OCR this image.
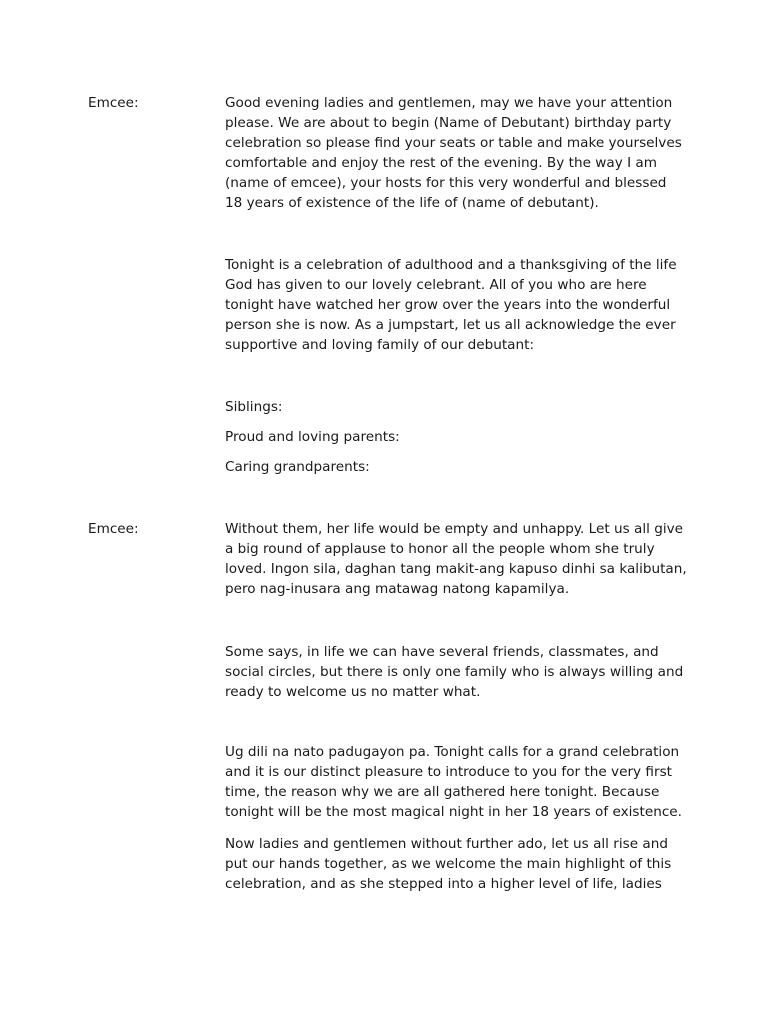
Emcee:	Good evening ladies and gentlemen, may we have your attention
please. We are about to begin (Name of Debutant) birthday party
celebration so please find your seats or table and make yourselves
comfortable and enjoy the rest of the evening. By the way I am
(name of emcee), your hosts for this very wonderful and blessed
18 years of existence of the life of (name of debutant).
Tonight is a celebration of adulthood and a thanksgiving of the life
God has given to our lovely celebrant. All of you who are here
tonight have watched her grow over the years into the wonderful
person she is now. As a jumpstart, let us all acknowledge the ever
supportive and loving family of our debutant:
Siblings:
Proud and loving parents:
Caring grandparents:
Emcee:	Without them, her life would be empty and unhappy. Let us all give
a big round of applause to honor all the people whom she truly
loved. Ingon sila, daghan tang makit-ang kapuso dinhi sa kalibutan,
pero nag-inusara ang matawag natong kapamilya.
Some says, in life we can have several friends, classmates, and
social circles, but there is only one family who is always willing and
ready to welcome us no matter what.
Ug dili na nato padugayon pa. Tonight calls for a grand celebration
and it is our distinct pleasure to introduce to you for the very first
time, the reason why we are all gathered here tonight. Because
tonight will be the most magical night in her 18 years of existence.
Now ladies and gentlemen without further ado, let us all rise and
put our hands together, as we welcome the main highlight of this
celebration, and as she stepped into a higher level of life, ladies
